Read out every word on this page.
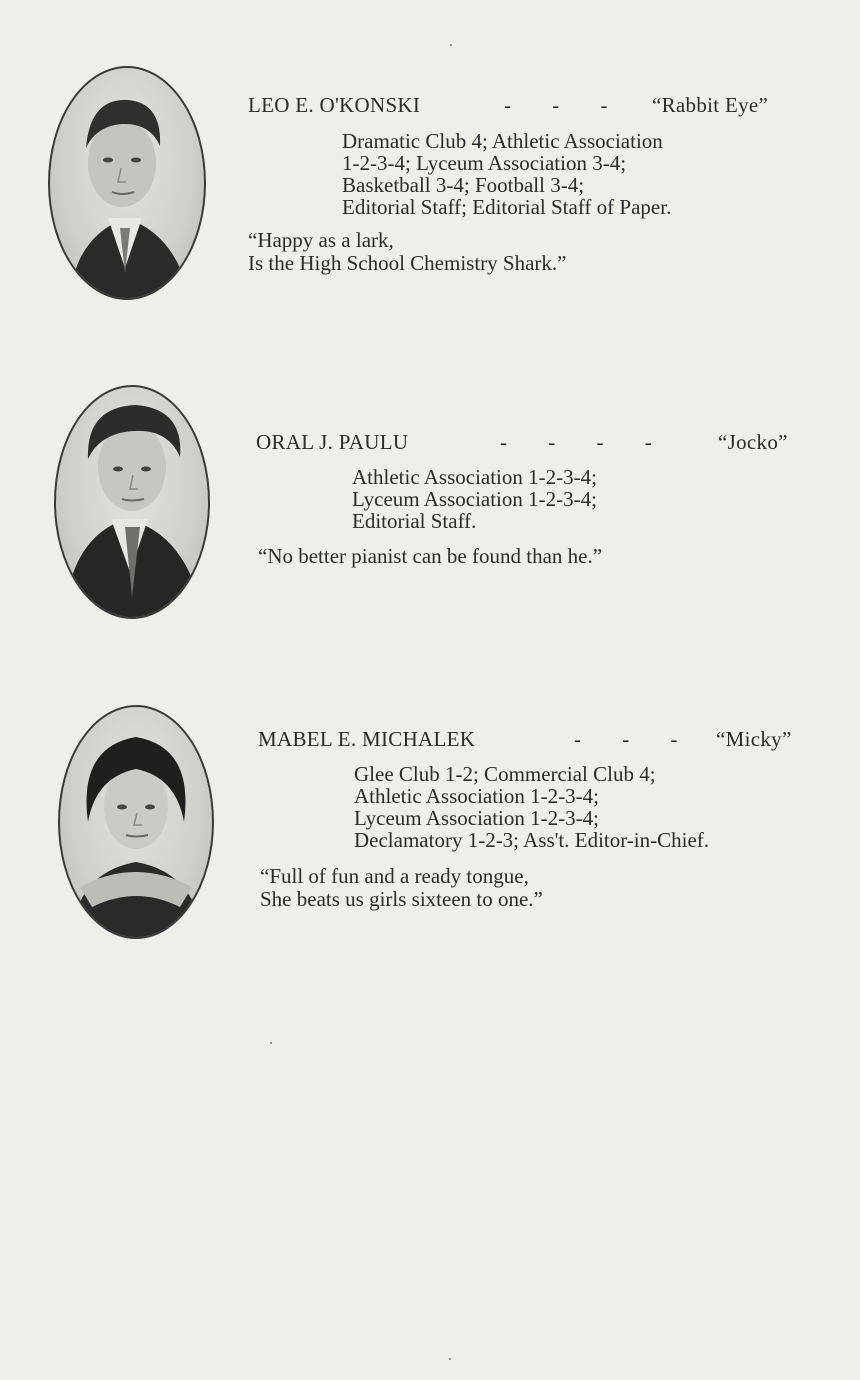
LEO E. O'KONSKI	- - - “Rabbit Eye”
Dramatic Club 4; Athletic Association
1-2-3-4; Lyceum Association 3-4;
Basketball 3-4; Football 3-4;
Editorial Staff; Editorial Staff of Paper.
“Happy as a lark,
Is the High School Chemistry Shark.”
ORAL J. PAULU	- - - - “Jocko”
Athletic Association 1-2-3-4;
Lyceum Association 1-2-3-4;
Editorial Staff.
“No better pianist can be found than he.”
MABEL E. MICHALEK	- - - “Micky”
Glee Club 1-2; Commercial Club 4;
Athletic Association 1-2-3-4;
Lyceum Association 1-2-3-4;
Declamatory 1-2-3; Ass't. Editor-in-Chief.
“Full of fun and a ready tongue,
She beats us girls sixteen to one.”
